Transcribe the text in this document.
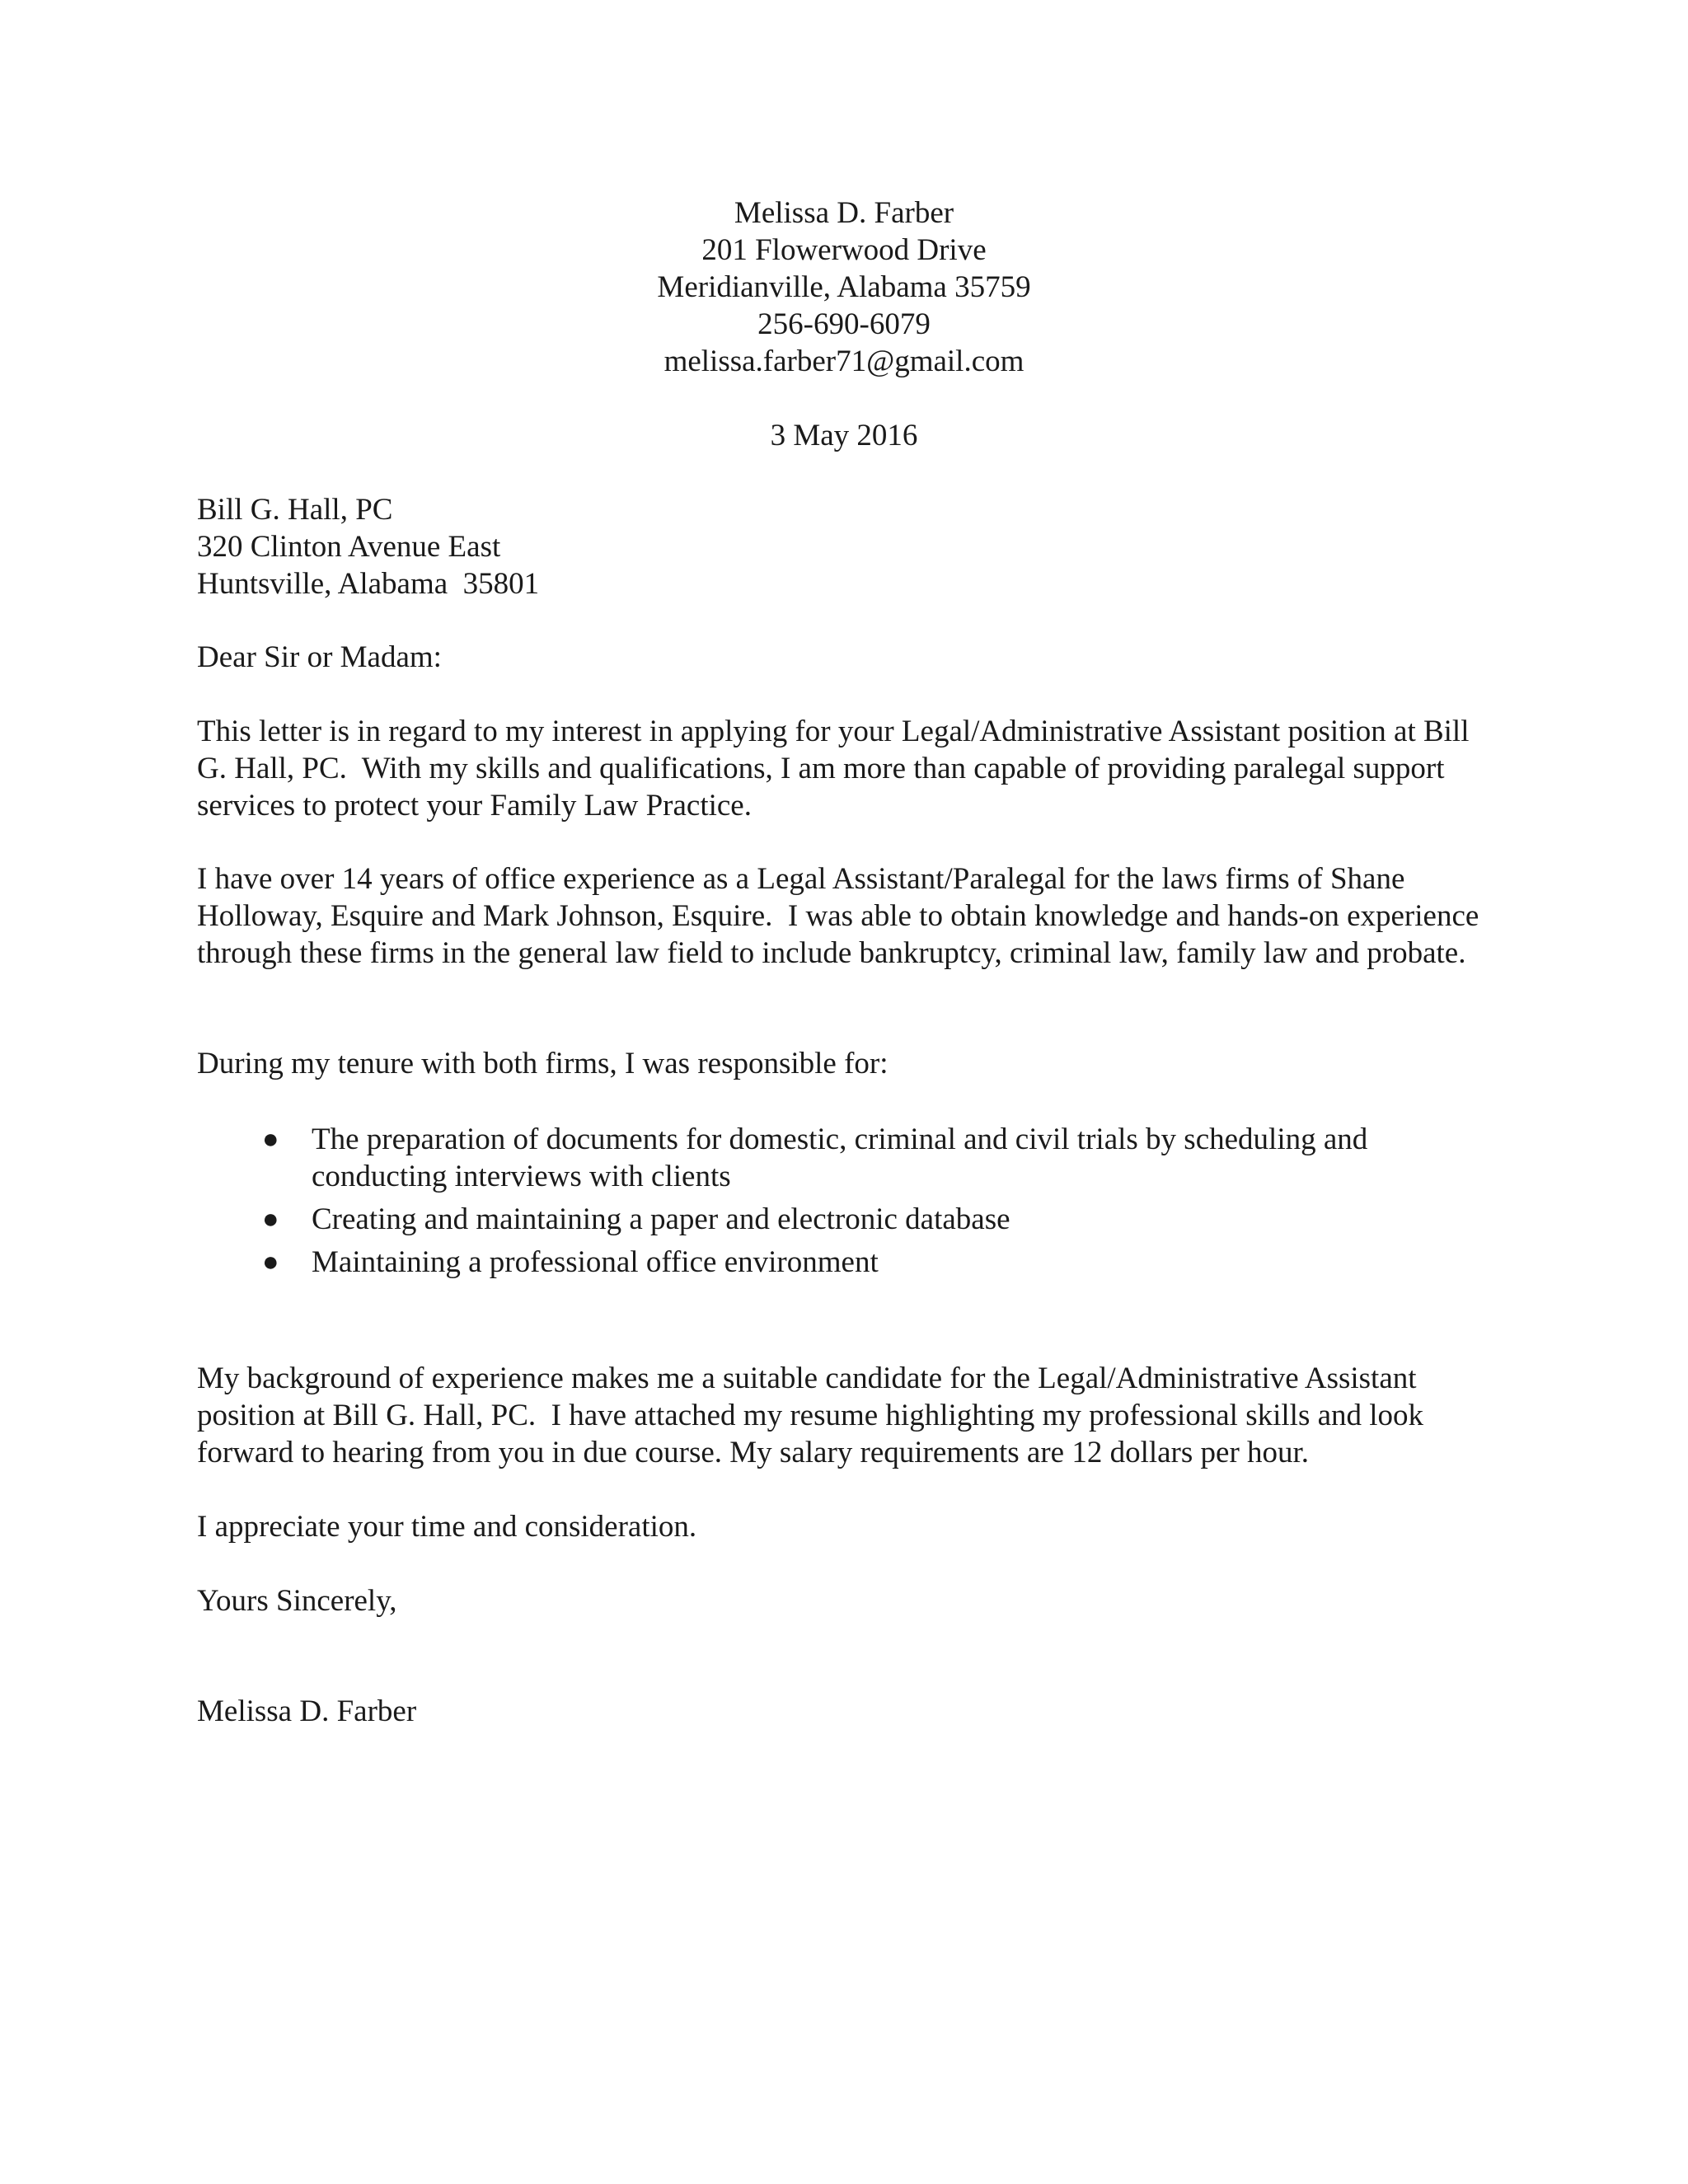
Melissa D. Farber
201 Flowerwood Drive
Meridianville, Alabama 35759
256-690-6079
melissa.farber71@gmail.com
3 May 2016
Bill G. Hall, PC
320 Clinton Avenue East
Huntsville, Alabama  35801

Dear Sir or Madam:

This letter is in regard to my interest in applying for your Legal/Administrative Assistant position at Bill G. Hall, PC.  With my skills and qualifications, I am more than capable of providing paralegal support services to protect your Family Law Practice.

I have over 14 years of office experience as a Legal Assistant/Paralegal for the laws firms of Shane Holloway, Esquire and Mark Johnson, Esquire.  I was able to obtain knowledge and hands-on experience through these firms in the general law field to include bankruptcy, criminal law, family law and probate.

During my tenure with both firms, I was responsible for:

● The preparation of documents for domestic, criminal and civil trials by scheduling and conducting interviews with clients
● Creating and maintaining a paper and electronic database
● Maintaining a professional office environment

My background of experience makes me a suitable candidate for the Legal/Administrative Assistant position at Bill G. Hall, PC.  I have attached my resume highlighting my professional skills and look forward to hearing from you in due course. My salary requirements are 12 dollars per hour.

I appreciate your time and consideration.

Yours Sincerely,

Melissa D. Farber
